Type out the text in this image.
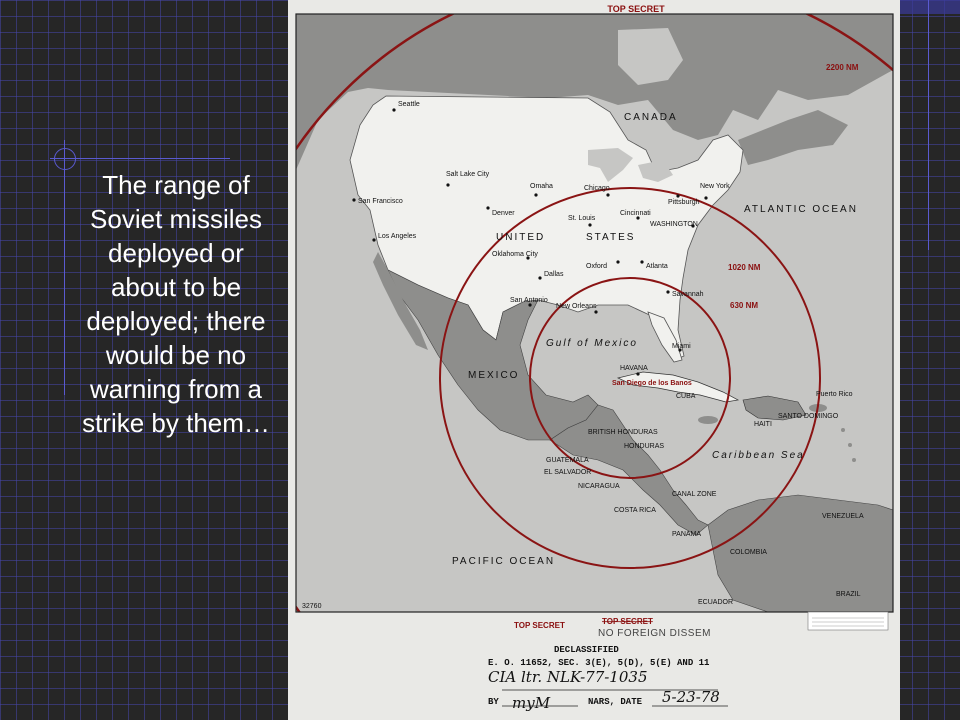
The range of Soviet missiles deployed or about to be deployed; there would be no warning from a strike by them…
TOP SECRET
TOP SECRET
32760
2200 NM
1020 NM
630 NM
CANADA
UNITED	STATES
ATLANTIC OCEAN
MEXICO
Gulf of Mexico
Caribbean Sea
PACIFIC OCEAN
CUBA
HAITI
SANTO DOMINGO
Puerto Rico
BRITISH HONDURAS
HONDURAS
GUATEMALA
EL SALVADOR
NICARAGUA
COSTA RICA
CANAL ZONE
PANAMA
VENEZUELA
COLOMBIA
ECUADOR
BRAZIL
Seattle
San Francisco
Los Angeles
Salt Lake City
Denver
Omaha	Chicago
St. Louis
Cincinnati
Pittsburgh
New York
WASHINGTON
Oklahoma City
Dallas
Oxford	Atlanta
Savannah
San Antonio
New Orleans
Miami
HAVANA
San Diego de los Banos
TOP SECRET
NO FOREIGN DISSEM
DECLASSIFIED
E. O. 11652, SEC. 3(E), 5(D), 5(E) AND 11
CIA ltr. NLK-77-1035
BY myM	NARS, DATE 5-23-78
